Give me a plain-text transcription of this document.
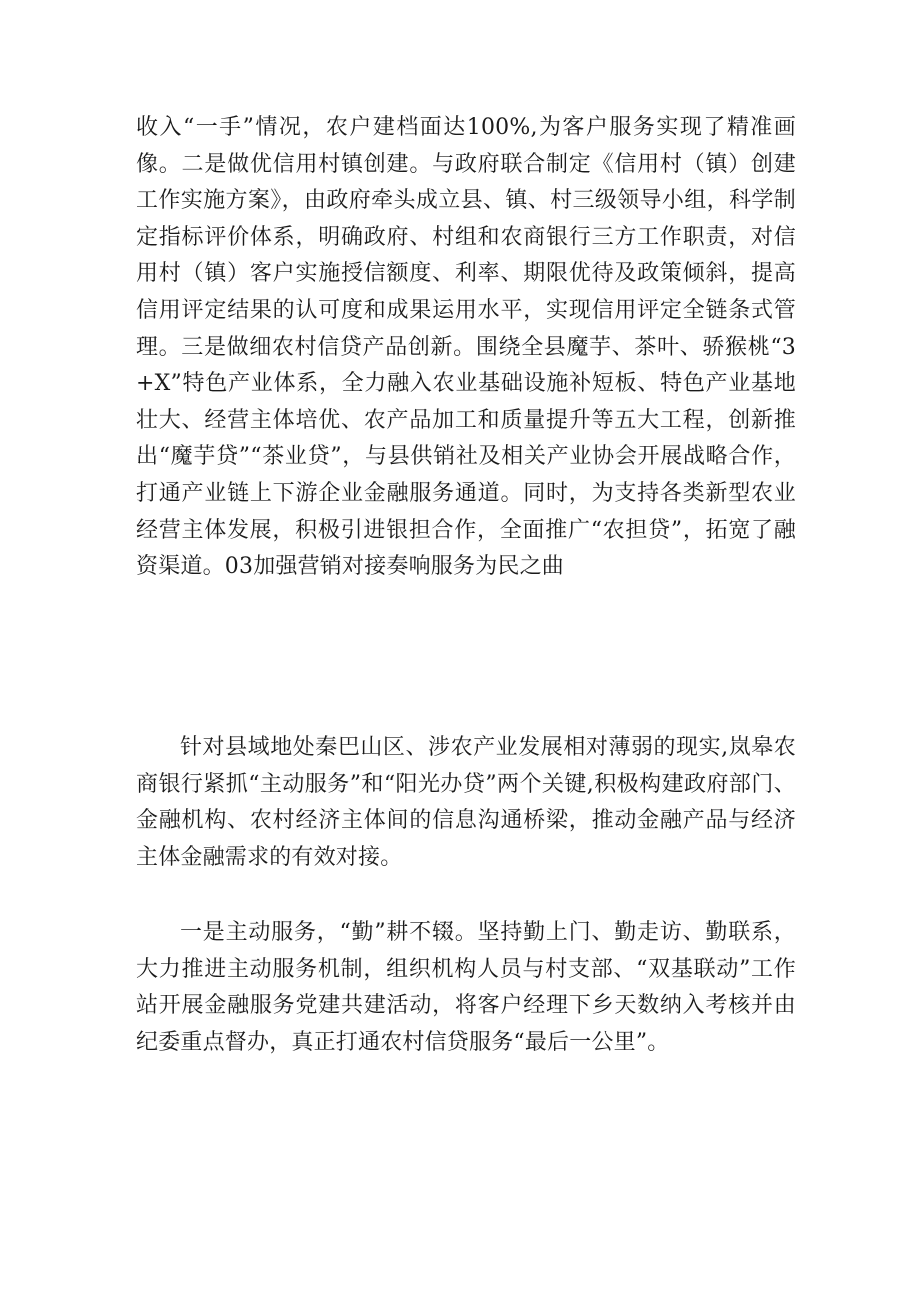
收入“一手”情况，农户建档面达100%,为客户服务实现了精准画像。二是做优信用村镇创建。与政府联合制定《信用村（镇）创建工作实施方案》，由政府牵头成立县、镇、村三级领导小组，科学制定指标评价体系，明确政府、村组和农商银行三方工作职责，对信用村（镇）客户实施授信额度、利率、期限优待及政策倾斜，提高信用评定结果的认可度和成果运用水平，实现信用评定全链条式管理。三是做细农村信贷产品创新。围绕全县魔芋、茶叶、骄猴桃“3+X”特色产业体系，全力融入农业基础设施补短板、特色产业基地壮大、经营主体培优、农产品加工和质量提升等五大工程，创新推出“魔芋贷”“茶业贷”，与县供销社及相关产业协会开展战略合作，打通产业链上下游企业金融服务通道。同时，为支持各类新型农业经营主体发展，积极引进银担合作，全面推广“农担贷”，拓宽了融资渠道。03加强营销对接奏响服务为民之曲

针对县域地处秦巴山区、涉农产业发展相对薄弱的现实,岚皋农商银行紧抓“主动服务”和“阳光办贷”两个关键,积极构建政府部门、金融机构、农村经济主体间的信息沟通桥梁，推动金融产品与经济主体金融需求的有效对接。

一是主动服务，“勤”耕不辍。坚持勤上门、勤走访、勤联系，大力推进主动服务机制，组织机构人员与村支部、“双基联动”工作站开展金融服务党建共建活动，将客户经理下乡天数纳入考核并由纪委重点督办，真正打通农村信贷服务“最后一公里”。
